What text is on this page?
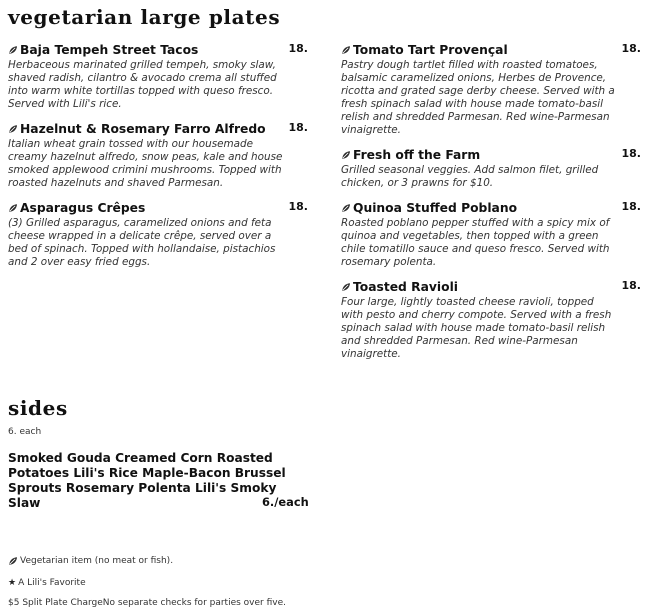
vegetarian large plates
Baja Tempeh Street Tacos	18.
Herbaceous marinated grilled tempeh, smoky slaw, shaved radish, cilantro & avocado crema all stuffed into warm white tortillas topped with queso fresco. Served with Lili's rice.
Hazelnut & Rosemary Farro Alfredo 18.
Italian wheat grain tossed with our housemade creamy hazelnut alfredo, snow peas, kale and house smoked applewood crimini mushrooms. Topped with roasted hazelnuts and shaved Parmesan.
Asparagus Crêpes	18.
(3) Grilled asparagus, caramelized onions and feta cheese wrapped in a delicate crêpe, served over a bed of spinach. Topped with hollandaise, pistachios and 2 over easy fried eggs.
Tomato Tart Provençal	18.
Pastry dough tartlet filled with roasted tomatoes, balsamic caramelized onions, Herbes de Provence, ricotta and grated sage derby cheese. Served with a fresh spinach salad with house made tomato-basil relish and shredded Parmesan. Red wine-Parmesan vinaigrette.
Fresh off the Farm	18.
Grilled seasonal veggies. Add salmon filet, grilled chicken, or 3 prawns for $10.
Quinoa Stuffed Poblano	18.
Roasted poblano pepper stuffed with a spicy mix of quinoa and vegetables, then topped with a green chile tomatillo sauce and queso fresco. Served with rosemary polenta.
Toasted Ravioli	18.
Four large, lightly toasted cheese ravioli, topped with pesto and cherry compote. Served with a fresh spinach salad with house made tomato-basil relish and shredded Parmesan. Red wine-Parmesan vinaigrette.
sides
6. each
Smoked Gouda Creamed Corn Roasted Potatoes Lili's Rice Maple-Bacon Brussel Sprouts Rosemary Polenta Lili's Smoky Slaw	6./each
Vegetarian item (no meat or fish).
★ A Lili's Favorite
$5 Split Plate ChargeNo separate checks for parties over five.
